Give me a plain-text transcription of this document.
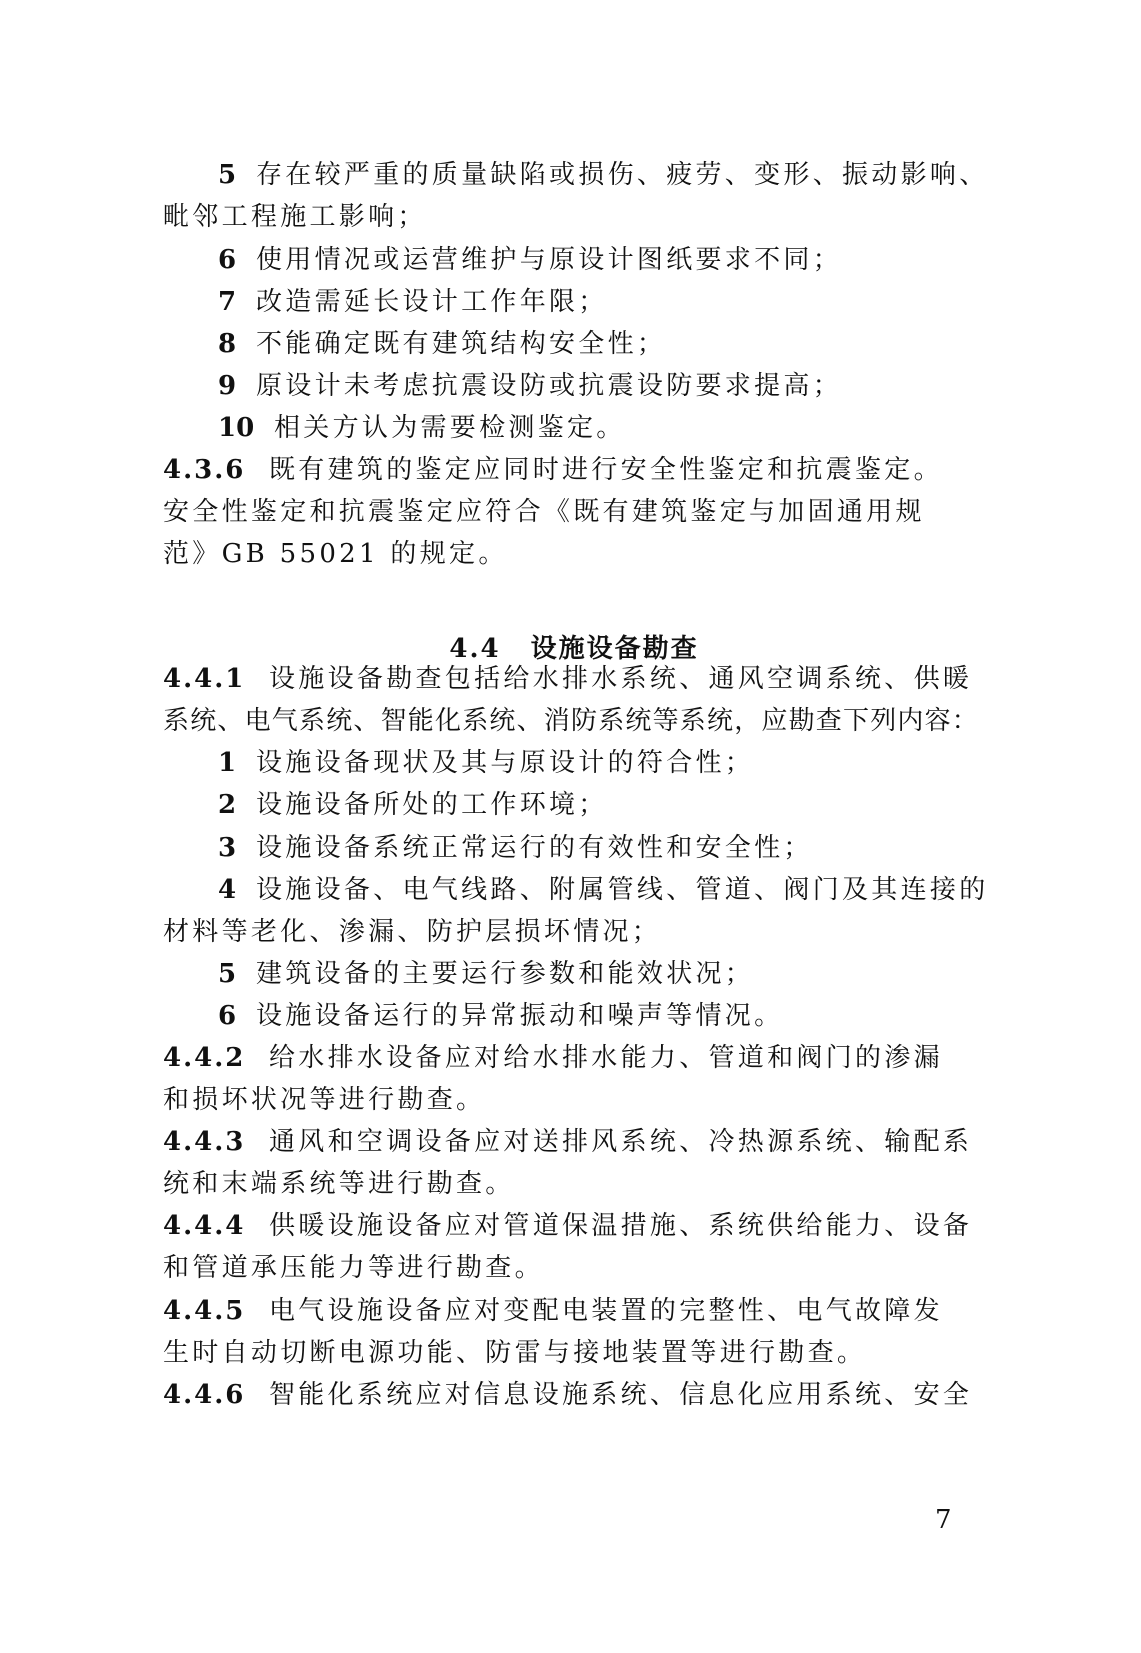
5 存在较严重的质量缺陷或损伤、疲劳、变形、振动影响、
毗邻工程施工影响；
6 使用情况或运营维护与原设计图纸要求不同；
7 改造需延长设计工作年限；
8 不能确定既有建筑结构安全性；
9 原设计未考虑抗震设防或抗震设防要求提高；
10 相关方认为需要检测鉴定。
4.3.6 既有建筑的鉴定应同时进行安全性鉴定和抗震鉴定。
安全性鉴定和抗震鉴定应符合《既有建筑鉴定与加固通用规
范》GB 55021 的规定。
4.4 设施设备勘查
4.4.1 设施设备勘查包括给水排水系统、通风空调系统、供暖
系统、电气系统、智能化系统、消防系统等系统，应勘查下列内容：
1 设施设备现状及其与原设计的符合性；
2 设施设备所处的工作环境；
3 设施设备系统正常运行的有效性和安全性；
4 设施设备、电气线路、附属管线、管道、阀门及其连接的
材料等老化、渗漏、防护层损坏情况；
5 建筑设备的主要运行参数和能效状况；
6 设施设备运行的异常振动和噪声等情况。
4.4.2 给水排水设备应对给水排水能力、管道和阀门的渗漏
和损坏状况等进行勘查。
4.4.3 通风和空调设备应对送排风系统、冷热源系统、输配系
统和末端系统等进行勘查。
4.4.4 供暖设施设备应对管道保温措施、系统供给能力、设备
和管道承压能力等进行勘查。
4.4.5 电气设施设备应对变配电装置的完整性、电气故障发
生时自动切断电源功能、防雷与接地装置等进行勘查。
4.4.6 智能化系统应对信息设施系统、信息化应用系统、安全
7
